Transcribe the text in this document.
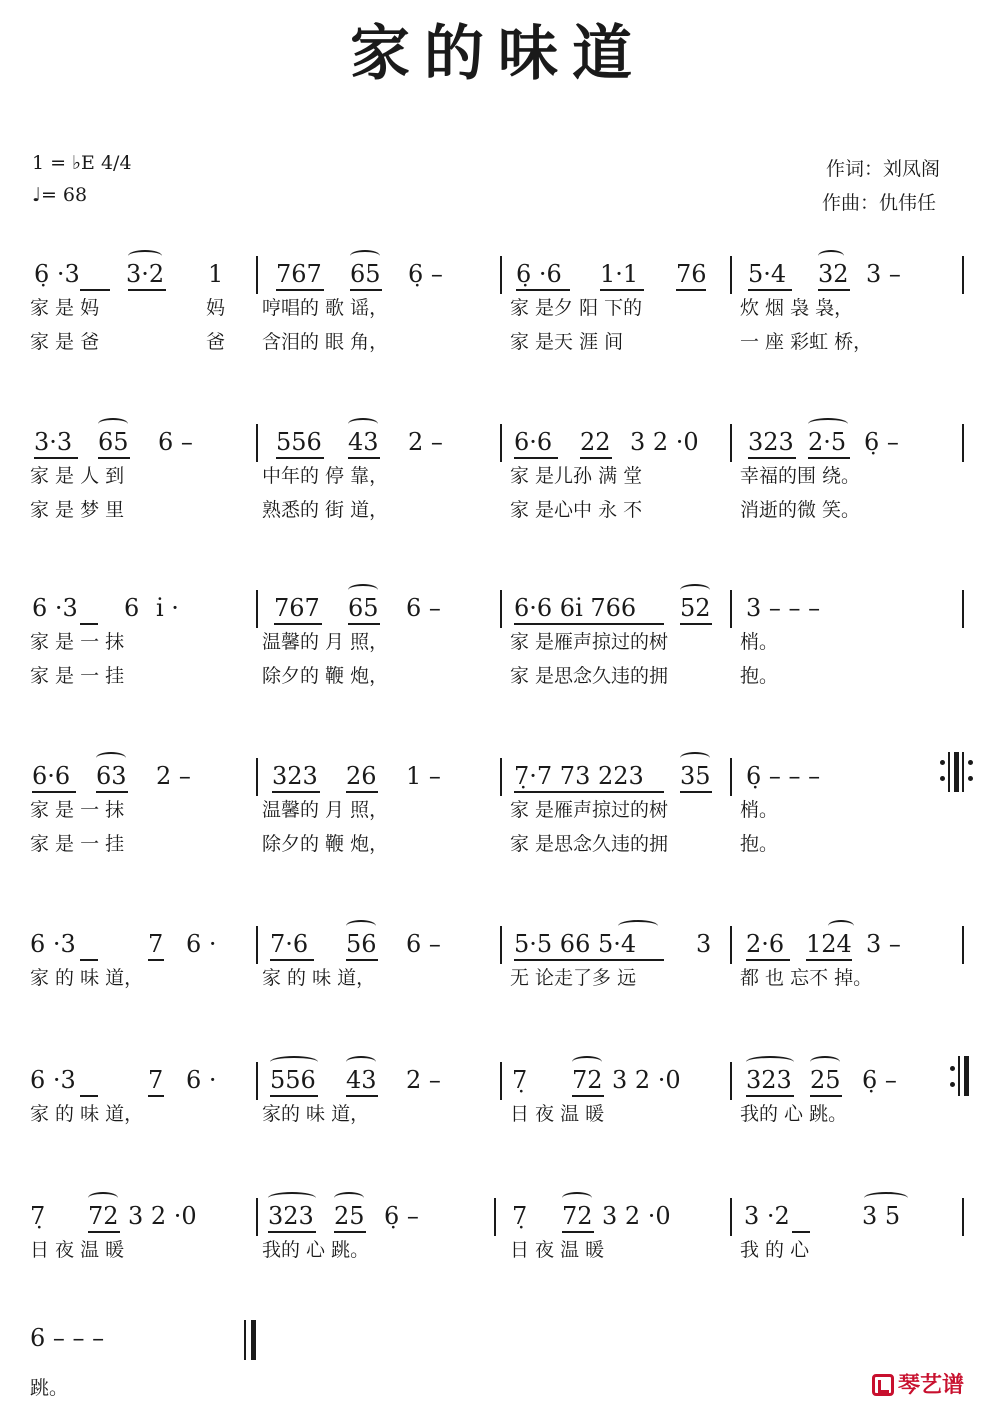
家的味道
1 = ♭E 4/4
♩= 68
作词：刘凤阁
作曲：仇伟任
6̣ ·3 3·2 1 767 65 6̣ –	6̣ ·6 1·1 76 5·4 32 3 –
家 是 妈	妈 哼唱的 歌 谣，	家 是夕 阳 下的	炊 烟 袅 袅，
家 是 爸	爸 含泪的 眼 角，	家 是天 涯 间	一 座 彩虹 桥，
3·3 65 6 –	556 43 2 –	6·6 22 3 2 ·0 323 2·5 6̣ –
家 是 人 到	中年的 停 靠，	家 是儿孙 满 堂	幸福的围 绕。
家 是 梦 里	熟悉的 街 道，	家 是心中 永 不	消逝的微 笑。
6 ·3 6 i̇ ·	767 65 6 –	6·6 6i̇ 766 52 3 – – –
家 是 一 抹	温馨的 月 照，	家 是雁声掠过的树	梢。
家 是 一 挂	除夕的 鞭 炮，	家 是思念久违的拥	抱。
6·6 63 2 –	323 26 1 –	7̣·7 73 223 35 6̣ – – –
家 是 一 抹	温馨的 月 照，	家 是雁声掠过的树	梢。
家 是 一 挂	除夕的 鞭 炮，	家 是思念久违的拥	抱。
6 ·3	7 6 · 7·6 56 6 –	5·5 66 5·4 3 2·6 124 3 –
家 的 味 道，	家 的 味 道，	无 论走了多 远	都 也 忘不 掉。
6 ·3	7 6 · 556 43 2 –	7̣ 72 3 2 ·0	323 25 6̣ –
家 的 味 道，	家的 味 道，	日 夜 温 暖	我的 心 跳。
7̣ 72 3 2 ·0	323 25 6̣ –	7̣ 72 3 2 ·0	3 ·2	3 5
日 夜 温 暖	我的 心 跳。	日 夜 温 暖	我 的 心
6 – – –
跳。	琴艺谱
